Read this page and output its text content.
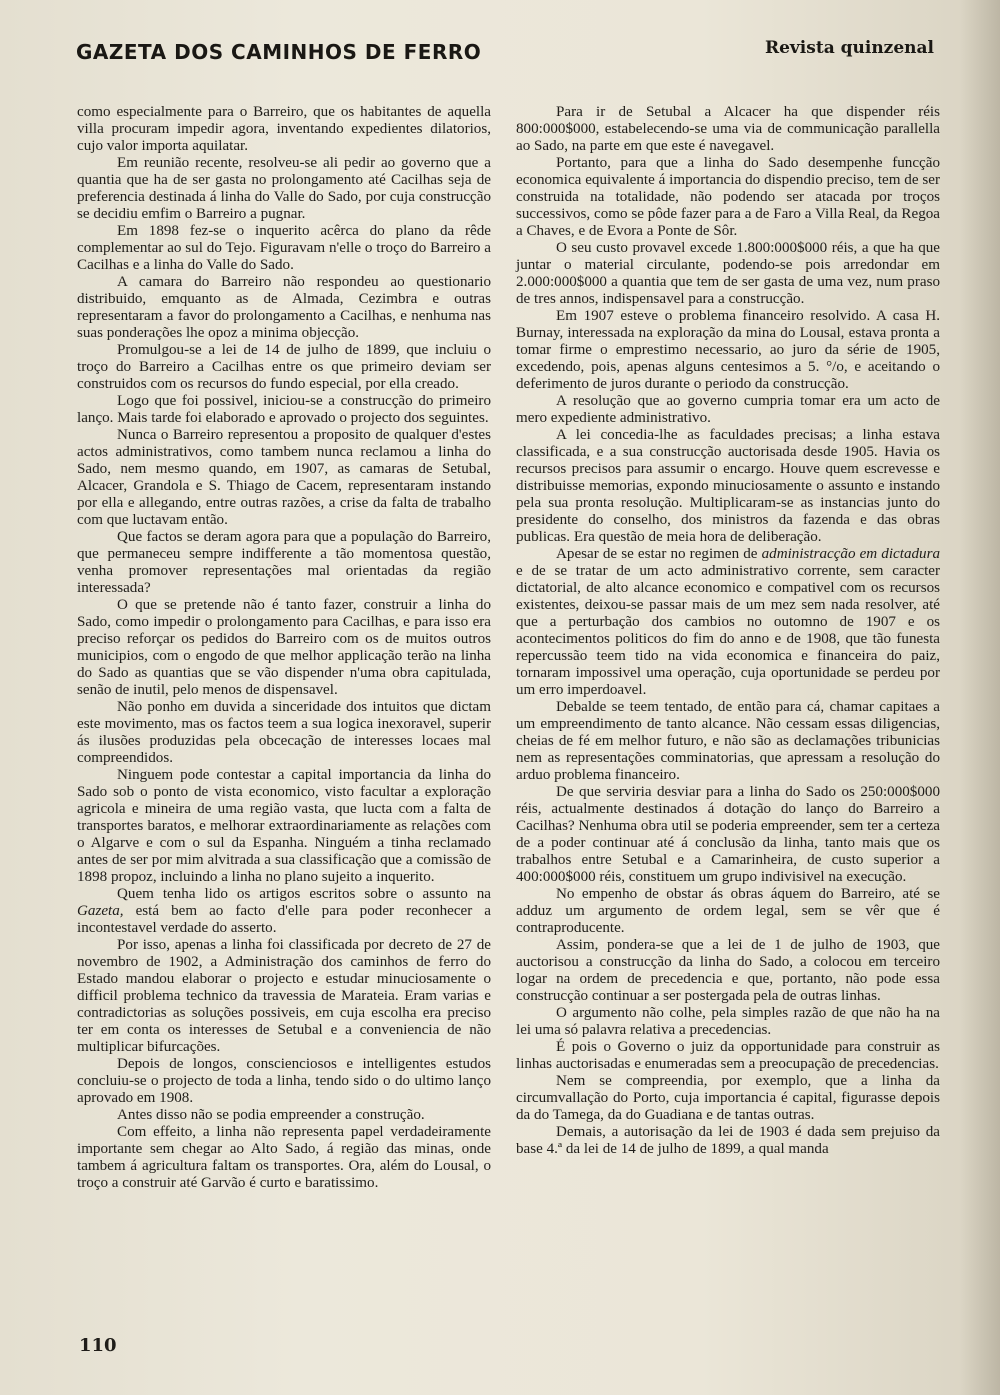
GAZETA DOS CAMINHOS DE FERRO	Revista quinzenal

como especialmente para o Barreiro, que os habitantes de aquella villa procuram impedir agora, inventando expedientes dilatorios, cujo valor importa aquilatar.

Em reunião recente, resolveu-se ali pedir ao governo que a quantia que ha de ser gasta no prolongamento até Cacilhas seja de preferencia destinada á linha do Valle do Sado, por cuja construcção se decidiu emfim o Barreiro a pugnar.

Em 1898 fez-se o inquerito acêrca do plano da rêde complementar ao sul do Tejo. Figuravam n'elle o troço do Barreiro a Cacilhas e a linha do Valle do Sado.

A camara do Barreiro não respondeu ao questionario distribuido, emquanto as de Almada, Cezimbra e outras representaram a favor do prolongamento a Cacilhas, e nenhuma nas suas ponderações lhe opoz a minima objecção.

Promulgou-se a lei de 14 de julho de 1899, que incluiu o troço do Barreiro a Cacilhas entre os que primeiro deviam ser construidos com os recursos do fundo especial, por ella creado.

Logo que foi possivel, iniciou-se a construcção do primeiro lanço. Mais tarde foi elaborado e aprovado o projecto dos seguintes.

Nunca o Barreiro representou a proposito de qualquer d'estes actos administrativos, como tambem nunca reclamou a linha do Sado, nem mesmo quando, em 1907, as camaras de Setubal, Alcacer, Grandola e S. Thiago de Cacem, representaram instando por ella e allegando, entre outras razões, a crise da falta de trabalho com que luctavam então.

Que factos se deram agora para que a população do Barreiro, que permaneceu sempre indifferente a tão momentosa questão, venha promover representações mal orientadas da região interessada?

O que se pretende não é tanto fazer, construir a linha do Sado, como impedir o prolongamento para Cacilhas, e para isso era preciso reforçar os pedidos do Barreiro com os de muitos outros municipios, com o engodo de que melhor applicação terão na linha do Sado as quantias que se vão dispender n'uma obra capitulada, senão de inutil, pelo menos de dispensavel.

Não ponho em duvida a sinceridade dos intuitos que dictam este movimento, mas os factos teem a sua logica inexoravel, superir ás ilusões produzidas pela obcecação de interesses locaes mal compreendidos.

Ninguem pode contestar a capital importancia da linha do Sado sob o ponto de vista economico, visto facultar a exploração agricola e mineira de uma região vasta, que lucta com a falta de transportes baratos, e melhorar extraordinariamente as relações com o Algarve e com o sul da Espanha. Ninguém a tinha reclamado antes de ser por mim alvitrada a sua classificação que a comissão de 1898 propoz, incluindo a linha no plano sujeito a inquerito.

Quem tenha lido os artigos escritos sobre o assunto na Gazeta, está bem ao facto d'elle para poder reconhecer a incontestavel verdade do asserto.

Por isso, apenas a linha foi classificada por decreto de 27 de novembro de 1902, a Administração dos caminhos de ferro do Estado mandou elaborar o projecto e estudar minuciosamente o difficil problema technico da travessia de Marateia. Eram varias e contradictorias as soluções possiveis, em cuja escolha era preciso ter em conta os interesses de Setubal e a conveniencia de não multiplicar bifurcações.

Depois de longos, conscienciosos e intelligentes estudos concluiu-se o projecto de toda a linha, tendo sido o do ultimo lanço aprovado em 1908.

Antes disso não se podia empreender a construção.

Com effeito, a linha não representa papel verdadeiramente importante sem chegar ao Alto Sado, á região das minas, onde tambem á agricultura faltam os transportes. Ora, além do Lousal, o troço a construir até Garvão é curto e baratissimo.

Para ir de Setubal a Alcacer ha que dispender réis 800:000$000, estabelecendo-se uma via de communicação parallella ao Sado, na parte em que este é navegavel.

Portanto, para que a linha do Sado desempenhe funcção economica equivalente á importancia do dispendio preciso, tem de ser construida na totalidade, não podendo ser atacada por troços successivos, como se pôde fazer para a de Faro a Villa Real, da Regoa a Chaves, e de Evora a Ponte de Sôr.

O seu custo provavel excede 1.800:000$000 réis, a que ha que juntar o material circulante, podendo-se pois arredondar em 2.000:000$000 a quantia que tem de ser gasta de uma vez, num praso de tres annos, indispensavel para a construcção.

Em 1907 esteve o problema financeiro resolvido. A casa H. Burnay, interessada na exploração da mina do Lousal, estava pronta a tomar firme o emprestimo necessario, ao juro da série de 1905, excedendo, pois, apenas alguns centesimos a 5. °/o, e aceitando o deferimento de juros durante o periodo da construcção.

A resolução que ao governo cumpria tomar era um acto de mero expediente administrativo.

A lei concedia-lhe as faculdades precisas; a linha estava classificada, e a sua construcção auctorisada desde 1905. Havia os recursos precisos para assumir o encargo. Houve quem escrevesse e distribuisse memorias, expondo minuciosamente o assunto e instando pela sua pronta resolução. Multiplicaram-se as instancias junto do presidente do conselho, dos ministros da fazenda e das obras publicas. Era questão de meia hora de deliberação.

Apesar de se estar no regimen de administracção em dictadura e de se tratar de um acto administrativo corrente, sem caracter dictatorial, de alto alcance economico e compativel com os recursos existentes, deixou-se passar mais de um mez sem nada resolver, até que a perturbação dos cambios no outomno de 1907 e os acontecimentos politicos do fim do anno e de 1908, que tão funesta repercussão teem tido na vida economica e financeira do paiz, tornaram impossivel uma operação, cuja oportunidade se perdeu por um erro imperdoavel.

Debalde se teem tentado, de então para cá, chamar capitaes a um empreendimento de tanto alcance. Não cessam essas diligencias, cheias de fé em melhor futuro, e não são as declamações tribunicias nem as representações comminatorias, que apressam a resolução do arduo problema financeiro.

De que serviria desviar para a linha do Sado os 250:000$000 réis, actualmente destinados á dotação do lanço do Barreiro a Cacilhas? Nenhuma obra util se poderia empreender, sem ter a certeza de a poder continuar até á conclusão da linha, tanto mais que os trabalhos entre Setubal e a Camarinheira, de custo superior a 400:000$000 réis, constituem um grupo indivisivel na execução.

No empenho de obstar ás obras áquem do Barreiro, até se adduz um argumento de ordem legal, sem se vêr que é contraproducente.

Assim, pondera-se que a lei de 1 de julho de 1903, que auctorisou a construcção da linha do Sado, a colocou em terceiro logar na ordem de precedencia e que, portanto, não pode essa construcção continuar a ser postergada pela de outras linhas.

O argumento não colhe, pela simples razão de que não ha na lei uma só palavra relativa a precedencias.

É pois o Governo o juiz da opportunidade para construir as linhas auctorisadas e enumeradas sem a preocupação de precedencias.

Nem se compreendia, por exemplo, que a linha da circumvallação do Porto, cuja importancia é capital, figurasse depois da do Tamega, da do Guadiana e de tantas outras.

Demais, a autorisação da lei de 1903 é dada sem prejuiso da base 4.ª da lei de 14 de julho de 1899, a qual manda

110
